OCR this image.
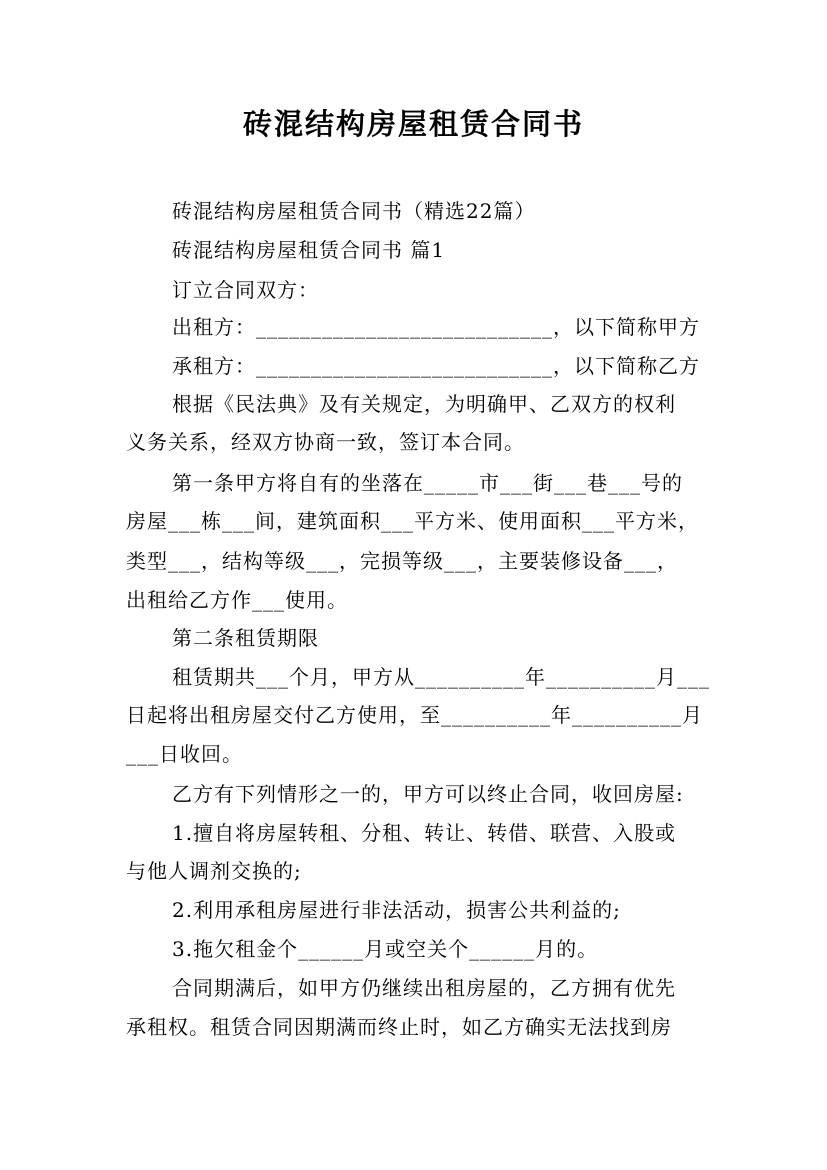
砖混结构房屋租赁合同书
砖混结构房屋租赁合同书（精选22篇）
砖混结构房屋租赁合同书 篇1
订立合同双方：
出租方：___________________________，以下简称甲方
承租方：___________________________，以下简称乙方
根据《民法典》及有关规定，为明确甲、乙双方的权利
义务关系，经双方协商一致，签订本合同。
第一条甲方将自有的坐落在_____市___街___巷___号的
房屋___栋___间，建筑面积___平方米、使用面积___平方米，
类型___，结构等级___，完损等级___，主要装修设备___，
出租给乙方作___使用。
第二条租赁期限
租赁期共___个月，甲方从__________年__________月___
日起将出租房屋交付乙方使用，至__________年__________月
___日收回。
乙方有下列情形之一的，甲方可以终止合同，收回房屋:
1.擅自将房屋转租、分租、转让、转借、联营、入股或
与他人调剂交换的;
2.利用承租房屋进行非法活动，损害公共利益的;
3.拖欠租金个______月或空关个______月的。
合同期满后，如甲方仍继续出租房屋的，乙方拥有优先
承租权。租赁合同因期满而终止时，如乙方确实无法找到房
